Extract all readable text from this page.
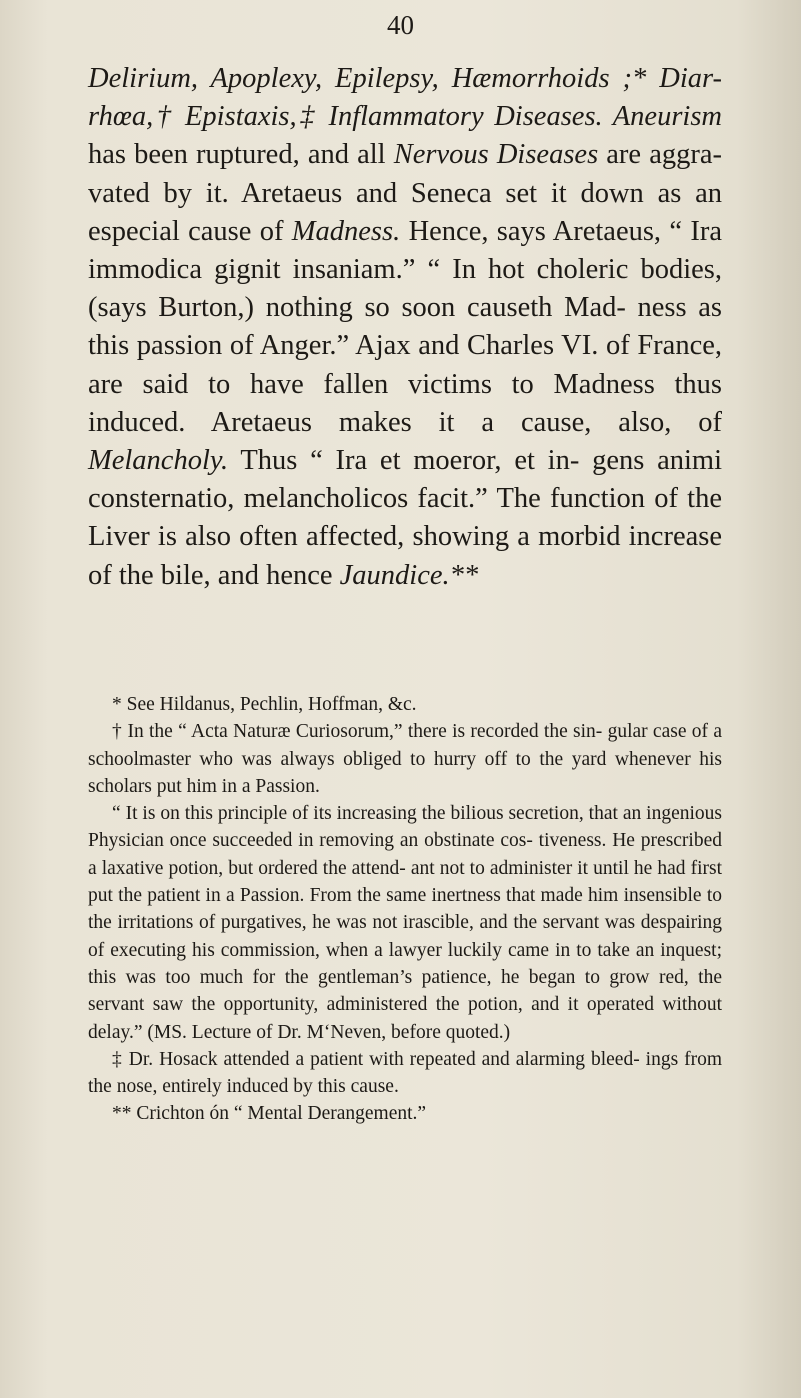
40

Delirium, Apoplexy, Epilepsy, Hæmorrhoids ;* Diar- rhœa,† Epistaxis,‡ Inflammatory Diseases. Aneurism has been ruptured, and all Nervous Diseases are aggra- vated by it. Aretaeus and Seneca set it down as an especial cause of Madness. Hence, says Aretaeus, “ Ira immodica gignit insaniam.” “ In hot choleric bodies, (says Burton,) nothing so soon causeth Mad- ness as this passion of Anger.” Ajax and Charles VI. of France, are said to have fallen victims to Madness thus induced. Aretaeus makes it a cause, also, of Melancholy. Thus “ Ira et moeror, et in- gens animi consternatio, melancholicos facit.” The function of the Liver is also often affected, showing a morbid increase of the bile, and hence Jaundice.**

* See Hildanus, Pechlin, Hoffman, &c.

† In the “ Acta Naturæ Curiosorum,” there is recorded the sin- gular case of a schoolmaster who was always obliged to hurry off to the yard whenever his scholars put him in a Passion.

“ It is on this principle of its increasing the bilious secretion, that an ingenious Physician once succeeded in removing an obstinate cos- tiveness. He prescribed a laxative potion, but ordered the attend- ant not to administer it until he had first put the patient in a Passion. From the same inertness that made him insensible to the irritations of purgatives, he was not irascible, and the servant was despairing of executing his commission, when a lawyer luckily came in to take an inquest; this was too much for the gentleman’s patience, he began to grow red, the servant saw the opportunity, administered the potion, and it operated without delay.” (MS. Lecture of Dr. M‘Neven, before quoted.)

‡ Dr. Hosack attended a patient with repeated and alarming bleed- ings from the nose, entirely induced by this cause.

** Crichton ón “ Mental Derangement.”
